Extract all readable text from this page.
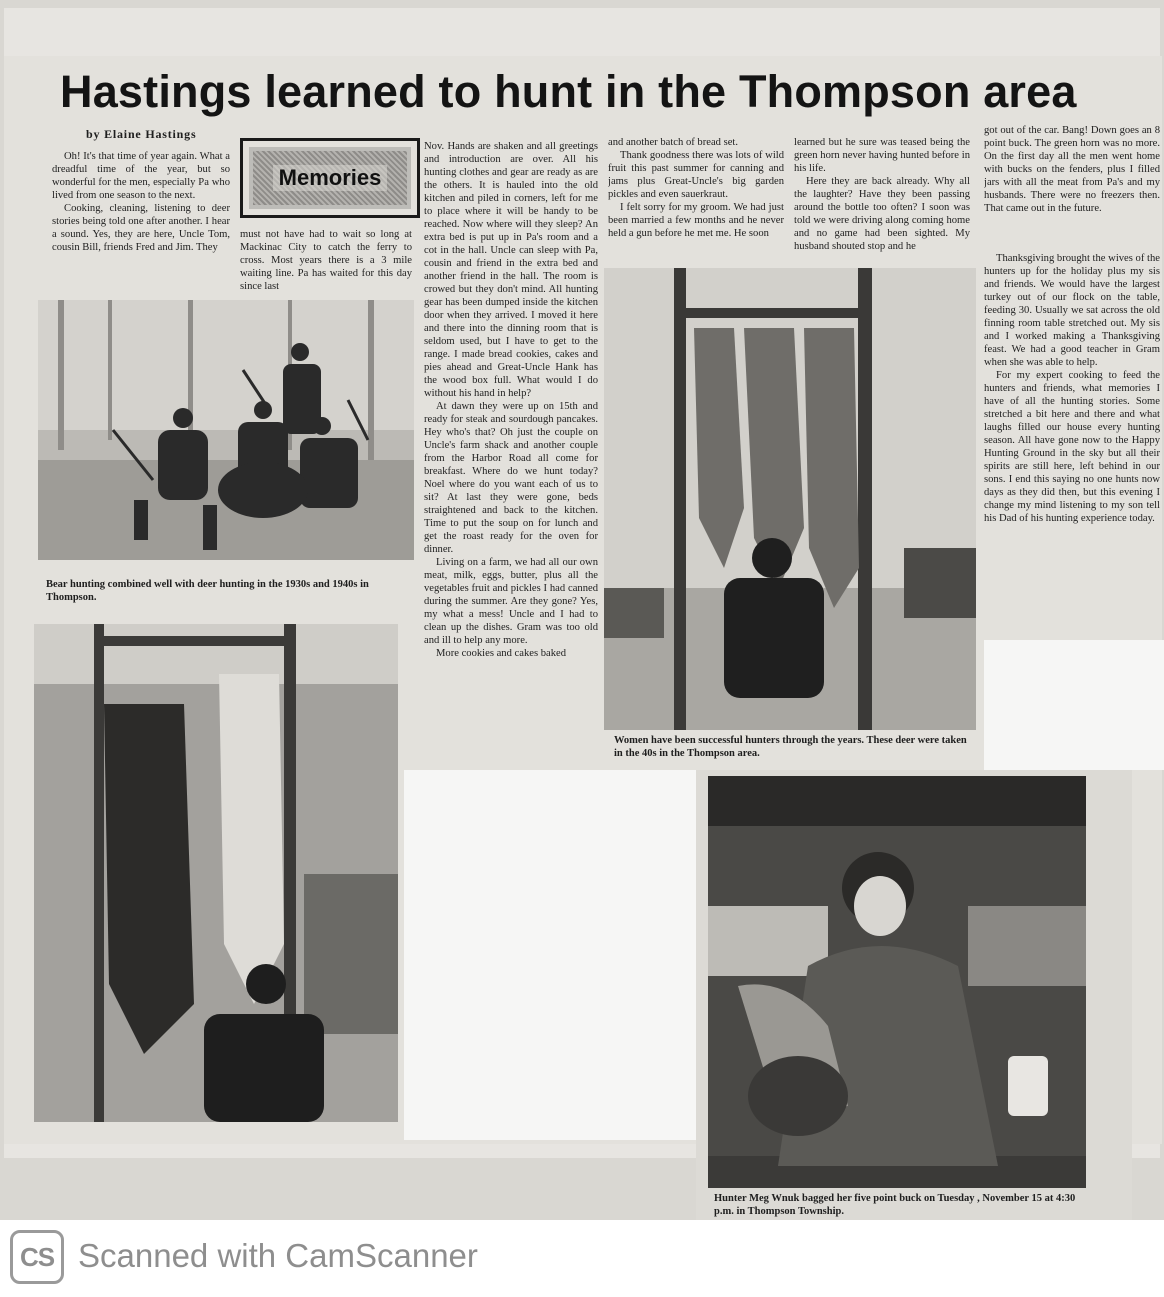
Hastings learned to hunt in the Thompson area
by Elaine Hastings
Memories

Oh! It's that time of year again. What a dreadful time of the year, but so wonderful for the men, especially Pa who lived from one season to the next.

Cooking, cleaning, listening to deer stories being told one after another. I hear a sound. Yes, they are here, Uncle Tom, cousin Bill, friends Fred and Jim. They

must not have had to wait so long at Mackinac City to catch the ferry to cross. Most years there is a 3 mile waiting line. Pa has waited for this day since last

Bear hunting combined well with deer hunting in the 1930s and 1940s in Thompson.

Nov. Hands are shaken and all greetings and introduction are over. All his hunting clothes and gear are ready as are the others. It is hauled into the old kitchen and piled in corners, left for me to place where it will be handy to be reached. Now where will they sleep? An extra bed is put up in Pa's room and a cot in the hall. Uncle can sleep with Pa, cousin and friend in the extra bed and another friend in the hall. The room is crowed but they don't mind. All hunting gear has been dumped inside the kitchen door when they arrived. I moved it here and there into the dinning room that is seldom used, but I have to get to the range. I made bread cookies, cakes and pies ahead and Great-Uncle Hank has the wood box full. What would I do without his hand in help?

At dawn they were up on 15th and ready for steak and sourdough pancakes. Hey who's that? Oh just the couple on Uncle's farm shack and another couple from the Harbor Road all come for breakfast. Where do we hunt today? Noel where do you want each of us to sit? At last they were gone, beds straightened and back to the kitchen. Time to put the soup on for lunch and get the roast ready for the oven for dinner.

Living on a farm, we had all our own meat, milk, eggs, butter, plus all the vegetables fruit and pickles I had canned during the summer. Are they gone? Yes, my what a mess! Uncle and I had to clean up the dishes. Gram was too old and ill to help any more.

More cookies and cakes baked

and another batch of bread set.

Thank goodness there was lots of wild fruit this past summer for canning and jams plus Great-Uncle's big garden pickles and even sauerkraut.

I felt sorry for my groom. We had just been married a few months and he never held a gun before he met me. He soon

learned but he sure was teased being the green horn never having hunted before in his life.

Here they are back already. Why all the laughter? Have they been passing around the bottle too often? I soon was told we were driving along coming home and no game had been sighted. My husband shouted stop and he

got out of the car. Bang! Down goes an 8 point buck. The green horn was no more. On the first day all the men went home with bucks on the fenders, plus I filled jars with all the meat from Pa's and my husbands. There were no freezers then. That came out in the future.

Thanksgiving brought the wives of the hunters up for the holiday plus my sis and friends. We would have the largest turkey out of our flock on the table, feeding 30. Usually we sat across the old finning room table stretched out. My sis and I worked making a Thanksgiving feast. We had a good teacher in Gram when she was able to help.

For my expert cooking to feed the hunters and friends, what memories I have of all the hunting stories. Some stretched a bit here and there and what laughs filled our house every hunting season. All have gone now to the Happy Hunting Ground in the sky but all their spirits are still here, left behind in our sons. I end this saying no one hunts now days as they did then, but this evening I change my mind listening to my son tell his Dad of his hunting experience today.

Women have been successful hunters through the years. These deer were taken in the 40s in the Thompson area.
Hunter Meg Wnuk bagged her five point buck on Tuesday , November 15 at 4:30 p.m. in Thompson Township.
CS Scanned with CamScanner
